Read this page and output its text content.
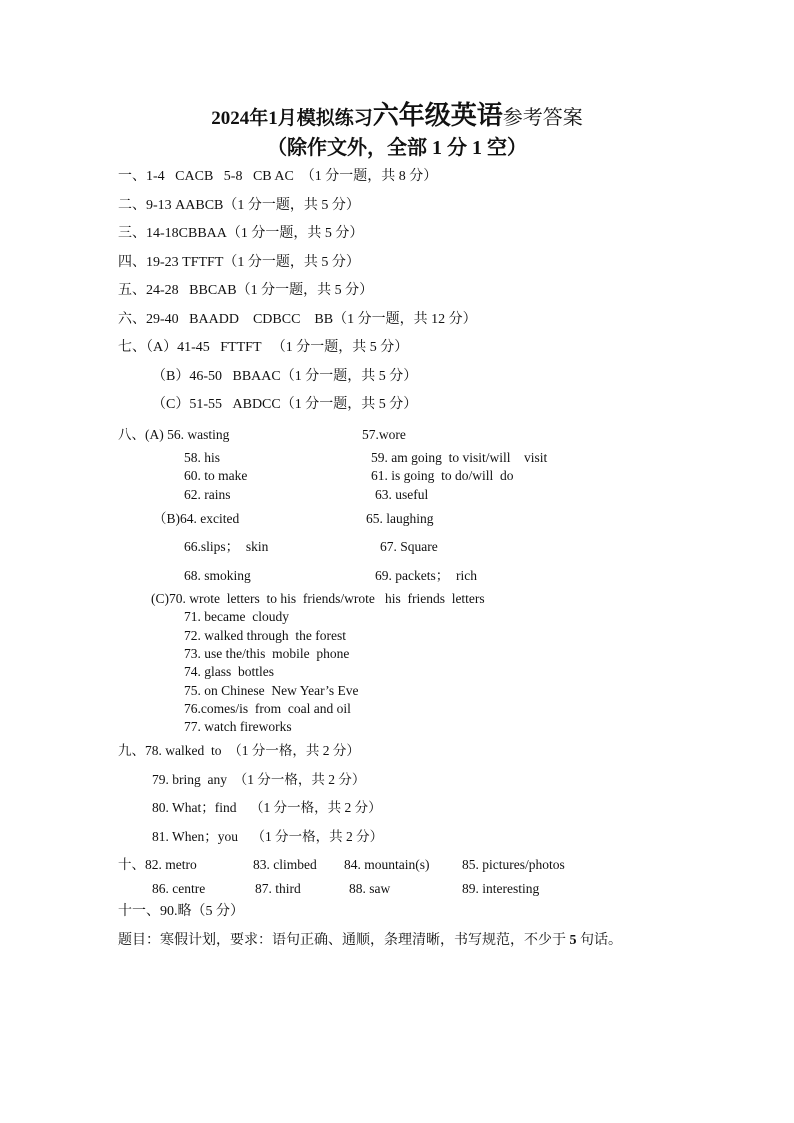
2024年1月模拟练习六年级英语参考答案
（除作文外，全部 1 分 1 空）
一、1-4   CACB   5-8   CB AC  （1 分一题，共 8 分）
二、9-13 AABCB（1 分一题，共 5 分）
三、14-18CBBAA（1 分一题，共 5 分）
四、19-23 TFTFT（1 分一题，共 5 分）
五、24-28   BBCAB（1 分一题，共 5 分）
六、29-40   BAADD    CDBCC    BB（1 分一题，共 12 分）
七、（A）41-45   FTTFT   （1 分一题，共 5 分）
（B）46-50   BBAAC（1 分一题，共 5 分）
（C）51-55   ABDCC（1 分一题，共 5 分）
八、(A) 56. wasting	57.wore
58. his	59. am going  to visit/will    visit
60. to make	61. is going  to do/will  do
62. rains	63. useful
（B)64. excited	65. laughing
66.slips；  skin	67. Square
68. smoking	69. packets；  rich
(C)70. wrote  letters  to his  friends/wrote   his  friends  letters
71. became  cloudy
72. walked through  the forest
73. use the/this  mobile  phone
74. glass  bottles
75. on Chinese  New Year’s Eve
76.comes/is  from  coal and oil
77. watch fireworks
九、78. walked  to  （1 分一格，共 2 分）
79. bring  any  （1 分一格，共 2 分）
80. What；find    （1 分一格，共 2 分）
81. When；you    （1 分一格，共 2 分）
十、82. metro	83. climbed 84. mountain(s) 85. pictures/photos
86. centre	87. third	88. saw	89. interesting
十一、90.略（5 分）
题目：寒假计划，要求：语句正确、通顺，条理清晰，书写规范，不少于 5 句话。
